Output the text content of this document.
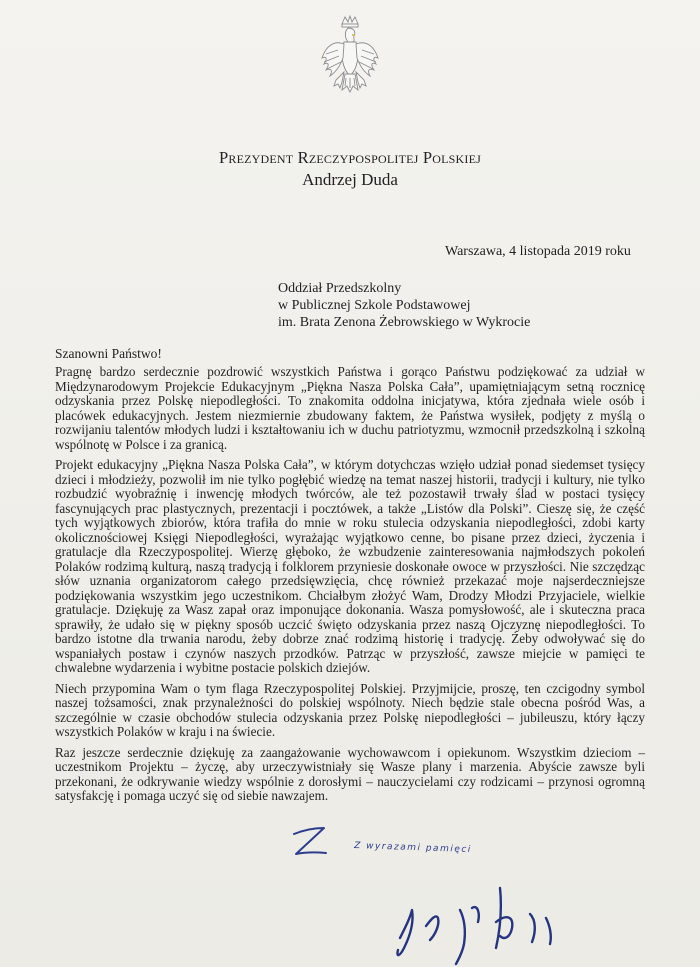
Prezydent Rzeczypospolitej Polskiej
Andrzej Duda
Warszawa, 4 listopada 2019 roku
Oddział Przedszkolny
w Publicznej Szkole Podstawowej
im. Brata Zenona Żebrowskiego w Wykrocie
Szanowni Państwo!

Pragnę bardzo serdecznie pozdrowić wszystkich Państwa i gorąco Państwu podziękować za udział w Międzynarodowym Projekcie Edukacyjnym „Piękna Nasza Polska Cała”, upamiętniającym setną rocznicę odzyskania przez Polskę niepodległości. To znakomita oddolna inicjatywa, która zjednała wiele osób i placówek edukacyjnych. Jestem niezmiernie zbudowany faktem, że Państwa wysiłek, podjęty z myślą o rozwijaniu talentów młodych ludzi i kształtowaniu ich w duchu patriotyzmu, wzmocnił przedszkolną i szkolną wspólnotę w Polsce i za granicą.

Projekt edukacyjny „Piękna Nasza Polska Cała”, w którym dotychczas wzięło udział ponad siedemset tysięcy dzieci i młodzieży, pozwolił im nie tylko pogłębić wiedzę na temat naszej historii, tradycji i kultury, nie tylko rozbudzić wyobraźnię i inwencję młodych twórców, ale też pozostawił trwały ślad w postaci tysięcy fascynujących prac plastycznych, prezentacji i pocztówek, a także „Listów dla Polski”. Cieszę się, że część tych wyjątkowych zbiorów, która trafiła do mnie w roku stulecia odzyskania niepodległości, zdobi karty okolicznościowej Księgi Niepodległości, wyrażając wyjątkowo cenne, bo pisane przez dzieci, życzenia i gratulacje dla Rzeczypospolitej. Wierzę głęboko, że wzbudzenie zainteresowania najmłodszych pokoleń Polaków rodzimą kulturą, naszą tradycją i folklorem przyniesie doskonałe owoce w przyszłości. Nie szczędząc słów uznania organizatorom całego przedsięwzięcia, chcę również przekazać moje najserdeczniejsze podziękowania wszystkim jego uczestnikom. Chciałbym złożyć Wam, Drodzy Młodzi Przyjaciele, wielkie gratulacje. Dziękuję za Wasz zapał oraz imponujące dokonania. Wasza pomysłowość, ale i skuteczna praca sprawiły, że udało się w piękny sposób uczcić święto odzyskania przez naszą Ojczyznę niepodległości. To bardzo istotne dla trwania narodu, żeby dobrze znać rodzimą historię i tradycję. Żeby odwoływać się do wspaniałych postaw i czynów naszych przodków. Patrząc w przyszłość, zawsze miejcie w pamięci te chwalebne wydarzenia i wybitne postacie polskich dziejów.

Niech przypomina Wam o tym flaga Rzeczypospolitej Polskiej. Przyjmijcie, proszę, ten czcigodny symbol naszej tożsamości, znak przynależności do polskiej wspólnoty. Niech będzie stale obecna pośród Was, a szczególnie w czasie obchodów stulecia odzyskania przez Polskę niepodległości – jubileuszu, który łączy wszystkich Polaków w kraju i na świecie.

Raz jeszcze serdecznie dziękuję za zaangażowanie wychowawcom i opiekunom. Wszystkim dzieciom – uczestnikom Projektu – życzę, aby urzeczywistniały się Wasze plany i marzenia. Abyście zawsze byli przekonani, że odkrywanie wiedzy wspólnie z dorosłymi – nauczycielami czy rodzicami – przynosi ogromną satysfakcję i pomaga uczyć się od siebie nawzajem.

Z wyrazami pamięci
